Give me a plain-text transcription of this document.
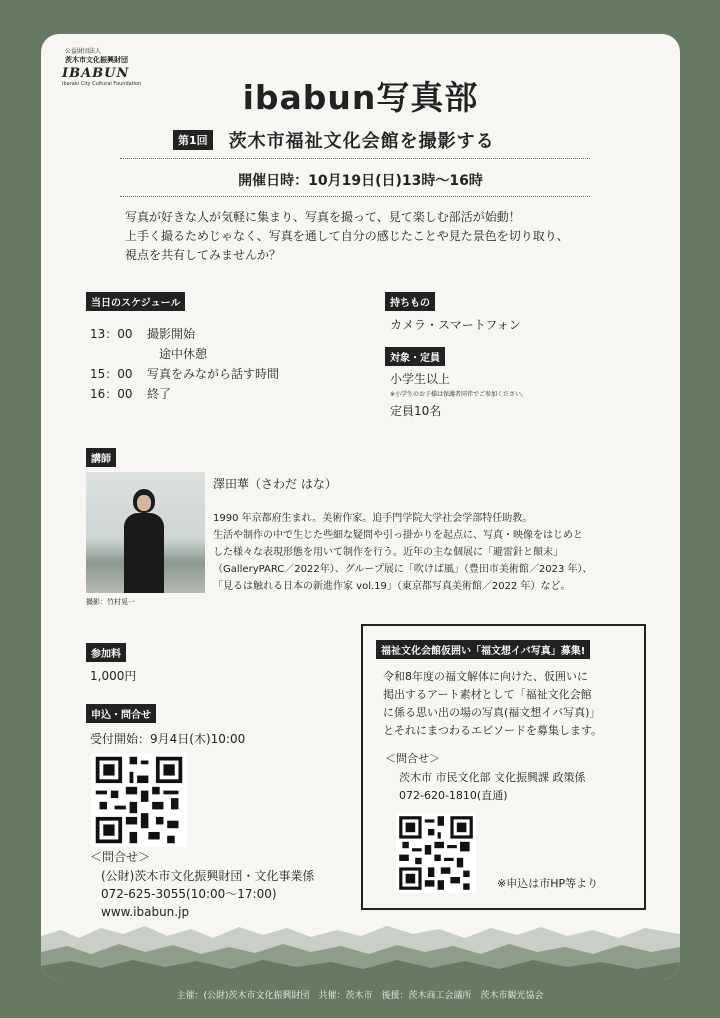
公益財団法人
茨木市文化振興財団
IBABUN
Ibaraki City Cultural Foundation	ibabun写真部
第1回 茨木市福祉文化会館を撮影する
開催日時：10月19日(日)13時〜16時
写真が好きな人が気軽に集まり、写真を撮って、見て楽しむ部活が始動！
上手く撮るためじゃなく、写真を通して自分の感じたことや見た景色を切り取り、
視点を共有してみませんか？
当日のスケジュール
13：00	撮影開始
　途中休憩
15：00	写真をみながら話す時間
16：00	終了
持ちもの
カメラ・スマートフォン
対象・定員
小学生以上
※小学生のお子様は保護者同伴でご参加ください。
定員10名
講師
撮影：竹村晃一
澤田華（さわだ はな）
1990 年京都府生まれ。美術作家。追手門学院大学社会学部特任助教。
生活や制作の中で生じた些細な疑問や引っ掛かりを起点に、写真・映像をはじめと
した様々な表現形態を用いて制作を行う。近年の主な個展に「避雷針と顛末」
（GalleryPARC／2022年）、グループ展に「吹けば風」（豊田市美術館／2023 年）、
「見るは触れる日本の新進作家 vol.19」（東京都写真美術館／2022 年）など。
参加料
1,000円
申込・問合せ
受付開始：9月4日(木)10:00
＜問合せ＞
(公財)茨木市文化振興財団・文化事業係
072-625-3055(10:00〜17:00)
www.ibabun.jp
福祉文化会館仮囲い「福文想イバ写真」募集!
令和8年度の福文解体に向けた、仮囲いに
掲出するアート素材として「福祉文化会館
に係る思い出の場の写真(福文想イバ写真)」
とそれにまつわるエピソードを募集します。
＜問合せ＞
茨木市 市民文化部 文化振興課 政策係
072-620-1810(直通)
※申込は市HP等より
主催：(公財)茨木市文化振興財団　共催：茨木市　後援：茨木商工会議所　茨木市観光協会
